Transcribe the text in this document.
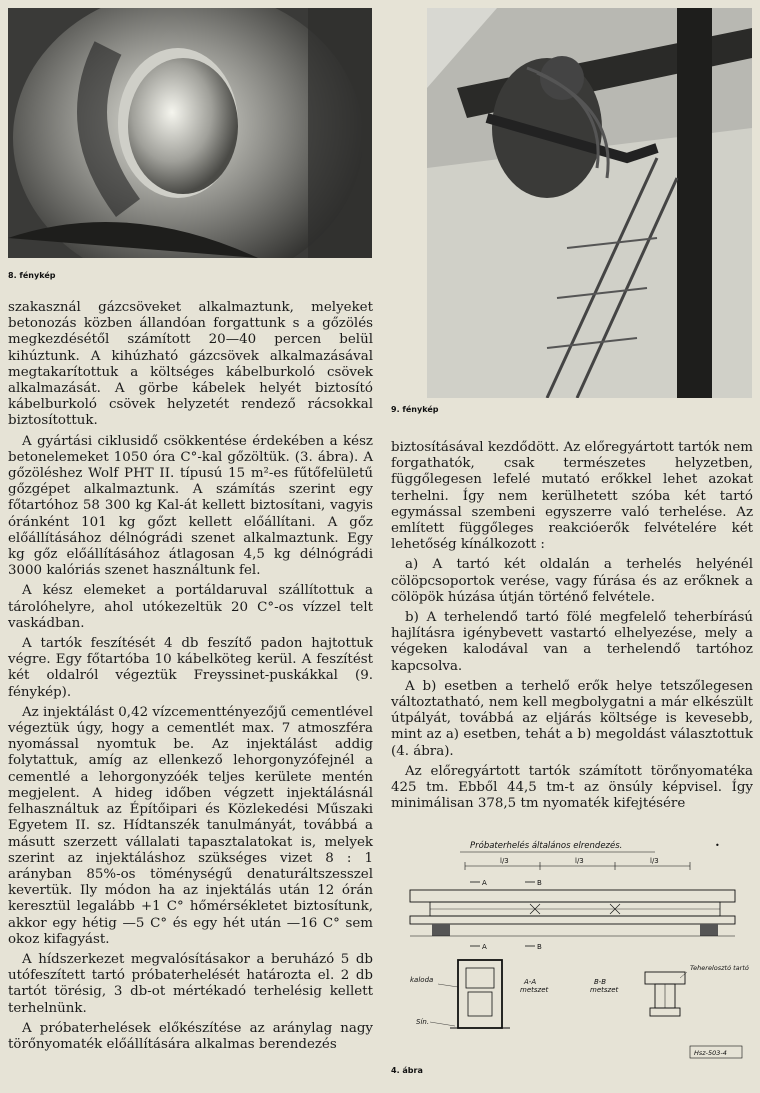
8. fénykép
9. fénykép

szakasznál gázcsöveket alkalmaztunk, melyeket betonozás közben állandóan forgattunk s a gőzölés megkezdésétől számított 20—40 percen belül kihúztunk. A kihúzható gázcsövek alkalmazásával megtakarítottuk a költséges kábelburkoló csövek alkalmazását. A görbe kábelek helyét biztosító kábelburkoló csövek helyzetét rendező rácsokkal biztosítottuk.

A gyártási ciklusidő csökkentése érdekében a kész betonelemeket 1050 óra C°-kal gőzöltük. (3. ábra). A gőzöléshez Wolf PHT II. típusú 15 m²-es fűtőfelületű gőzgépet alkalmaztunk. A számítás szerint egy főtartóhoz 58 300 kg Kal-át kellett biztosítani, vagyis óránként 101 kg gőzt kellett előállítani. A gőz előállításához délnógrádi szenet alkalmaztunk. Egy kg gőz előállításához átlagosan 4,5 kg délnógrádi 3000 kalóriás szenet használtunk fel.

A kész elemeket a portáldaruval szállítottuk a tárolóhelyre, ahol utókezeltük 20 C°-os vízzel telt vaskádban.

A tartók feszítését 4 db feszítő padon hajtottuk végre. Egy főtartóba 10 kábelköteg kerül. A feszítést két oldalról végeztük Freyssinet-puskákkal (9. fénykép).

Az injektálást 0,42 vízcementtényezőjű cementlével végeztük úgy, hogy a cementlét max. 7 atmoszféra nyomással nyomtuk be. Az injektálást addig folytattuk, amíg az ellenkező lehorgonyzófejnél a cementlé a lehorgonyzóék teljes kerülete mentén megjelent. A hideg időben végzett injektálásnál felhasználtuk az Építőipari és Közlekedési Műszaki Egyetem II. sz. Hídtanszék tanulmányát, továbbá a másutt szerzett vállalati tapasztalatokat is, melyek szerint az injektáláshoz szükséges vizet 8 : 1 arányban 85%-os töménységű denaturáltszesszel kevertük. Ily módon ha az injektálás után 12 órán keresztül legalább +1 C° hőmérsékletet biztosítunk, akkor egy hétig —5 C° és egy hét után —16 C° sem okoz kifagyást.

A hídszerkezet megvalósításakor a beruházó 5 db utófeszített tartó próbaterhelését határozta el. 2 db tartót törésig, 3 db-ot mértékadó terhelésig kellett terhelnünk.

A próbaterhelések előkészítése az aránylag nagy törőnyomaték előállítására alkalmas berendezés

biztosításával kezdődött. Az előregyártott tartók nem forgathatók, csak természetes helyzetben, függőlegesen lefelé mutató erőkkel lehet azokat terhelni. Így nem kerülhetett szóba két tartó egymással szembeni egyszerre való terhelése. Az említett függőleges reakcióerők felvételére két lehetőség kínálkozott :

a) A tartó két oldalán a terhelés helyénél cölöpcsoportok verése, vagy fúrása és az erőknek a cölöpök húzása útján történő felvétele.

b) A terhelendő tartó fölé megfelelő teherbírású hajlításra igénybevett vastartó elhelyezése, mely a végeken kalodával van a terhelendő tartóhoz kapcsolva.

A b) esetben a terhelő erők helye tetszőlegesen változtatható, nem kell megbolygatni a már elkészült útpályát, továbbá az eljárás költsége is kevesebb, mint az a) esetben, tehát a b) megoldást választottuk (4. ábra).

Az előregyártott tartók számított törőnyomatéka 425 tm. Ebből 44,5 tm-t az önsúly képvisel. Így minimálisan 378,5 tm nyomaték kifejtésére

Próbaterhelés általános elrendezés.	•
l/3	l/3	l/3
A	B
A	B
kaloda
Sín.
A-A
metszet
B-B
metszet
Teherelosztó tartó
Hsz-503-4
4. ábra
